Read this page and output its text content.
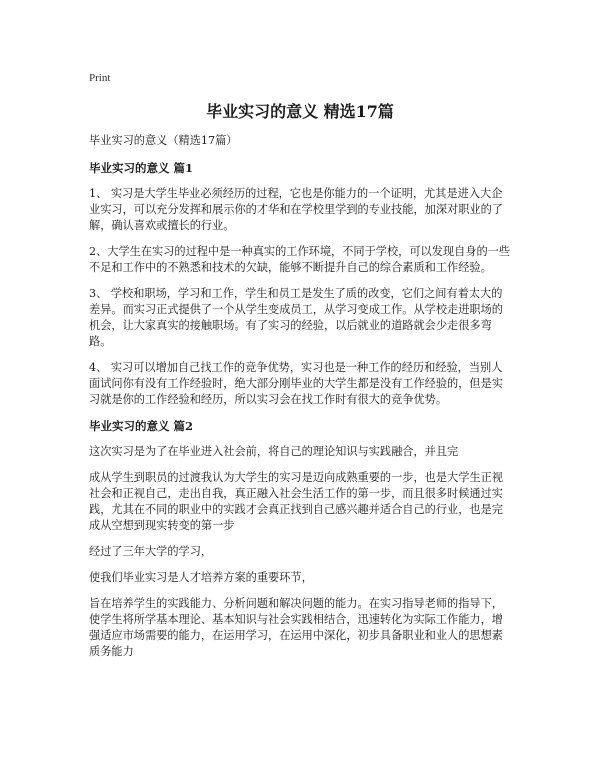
Print
毕业实习的意义 精选17篇

毕业实习的意义（精选17篇）

毕业实习的意义 篇1

1、 实习是大学生毕业必须经历的过程，它也是你能力的一个证明，尤其是进入大企业实习，可以充分发挥和展示你的才华和在学校里学到的专业技能，加深对职业的了解，确认喜欢或擅长的行业。

2、大学生在实习的过程中是一种真实的工作环境，不同于学校，可以发现自身的一些不足和工作中的不熟悉和技术的欠缺，能够不断提升自己的综合素质和工作经验。

3、 学校和职场，学习和工作，学生和员工是发生了质的改变，它们之间有着太大的差异。而实习正式提供了一个从学生变成员工，从学习变成工作。从学校走进职场的机会，让大家真实的接触职场。有了实习的经验，以后就业的道路就会少走很多弯路。

4、 实习可以增加自己找工作的竞争优势，实习也是一种工作的经历和经验，当别人面试问你有没有工作经验时，绝大部分刚毕业的大学生都是没有工作经验的，但是实习就是你的工作经验和经历，所以实习会在找工作时有很大的竞争优势。

毕业实习的意义 篇2

这次实习是为了在毕业进入社会前，将自己的理论知识与实践融合，并且完

成从学生到职员的过渡我认为大学生的实习是迈向成熟重要的一步，也是大学生正视社会和正视自己，走出自我，真正融入社会生活工作的第一步，而且很多时候通过实践，尤其在不同的职业中的实践才会真正找到自己感兴趣并适合自己的行业，也是完成从空想到现实转变的第一步

经过了三年大学的学习，

使我们毕业实习是人才培养方案的重要环节，

旨在培养学生的实践能力、分析问题和解决问题的能力。在实习指导老师的指导下，使学生将所学基本理论、基本知识与社会实践相结合，迅速转化为实际工作能力，增强适应市场需要的能力，在运用学习，在运用中深化，初步具备职业和业人的思想素质务能力
